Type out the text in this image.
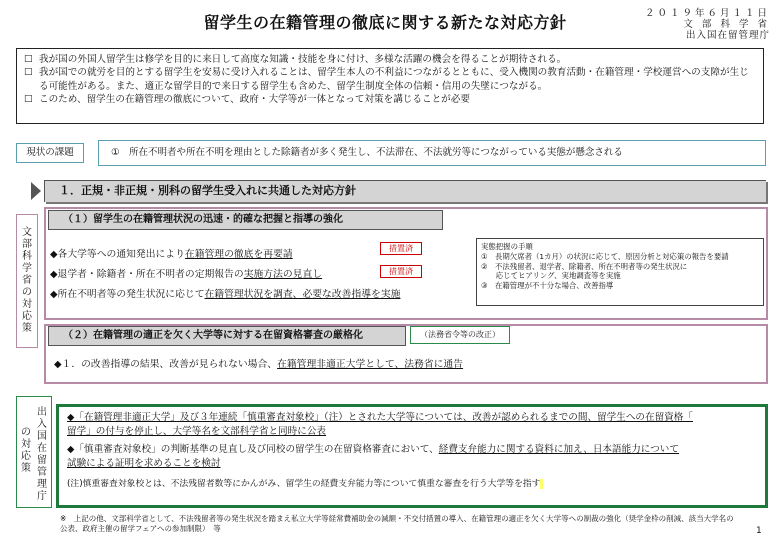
留学生の在籍管理の徹底に関する新たな対応方針	２０１９年６月１１日
文 部 科 学 省
出入国在留管理庁
□ 我が国の外国人留学生は修学を目的に来日して高度な知識・技能を身に付け、多様な活躍の機会を得ることが期待される。
□ 我が国での就労を目的とする留学生を安易に受け入れることは、留学生本人の不利益につながるとともに、受入機関の教育活動・在籍管理・学校運営への支障が生じる可能性がある。また、適正な留学目的で来日する留学生も含めた、留学生制度全体の信頼・信用の失墜につながる。
□ このため、留学生の在籍管理の徹底について、政府・大学等が一体となって対策を講じることが必要
現状の課題	①　所在不明者や所在不明を理由とした除籍者が多く発生し、不法滞在、不法就労等につながっている実態が懸念される
１．正規・非正規・別科の留学生受入れに共通した対応方針
文部科学省の対応策
（１）留学生の在籍管理状況の迅速・的確な把握と指導の強化
◆各大学等への通知発出により在籍管理の徹底を再要請
◆退学者・除籍者・所在不明者の定期報告の実施方法の見直し
◆所在不明者等の発生状況に応じて在籍管理状況を調査、必要な改善指導を実施
措置済
措置済
実態把握の手順
①　長期欠席者（1カ月）の状況に応じて、原因分析と対応策の報告を要請
②　不法残留者、退学者、除籍者、所在不明者等の発生状況に
　　応じてヒアリング、実地調査等を実施
③　在籍管理が不十分な場合、改善指導
（２）在籍管理の適正を欠く大学等に対する在留資格審査の厳格化	（法務省令等の改正）
◆１．の改善指導の結果、改善が見られない場合、在籍管理非適正大学として、法務省に通告
出入国在留管理庁
の対応策
◆「在籍管理非適正大学」及び３年連続「慎重審査対象校」（注）とされた大学等については、改善が認められるまでの間、留学生への在留資格「
留学」の付与を停止し、大学等名を文部科学省と同時に公表
◆「慎重審査対象校」の判断基準の見直し及び同校の留学生の在留資格審査において、経費支弁能力に関する資料に加え、日本語能力について
試験による証明を求めることを検討
(注)慎重審査対象校とは、不法残留者数等にかんがみ、留学生の経費支弁能力等について慎重な審査を行う大学等を指す
※　上記の他、文部科学省として、不法残留者等の発生状況を踏まえ私立大学等経常費補助金の減額・不交付措置の導入、在籍管理の適正を欠く大学等への制裁の強化（奨学金枠の削減、該当大学名の公表、政府主催の留学フェアへの参加制限）　等	1
